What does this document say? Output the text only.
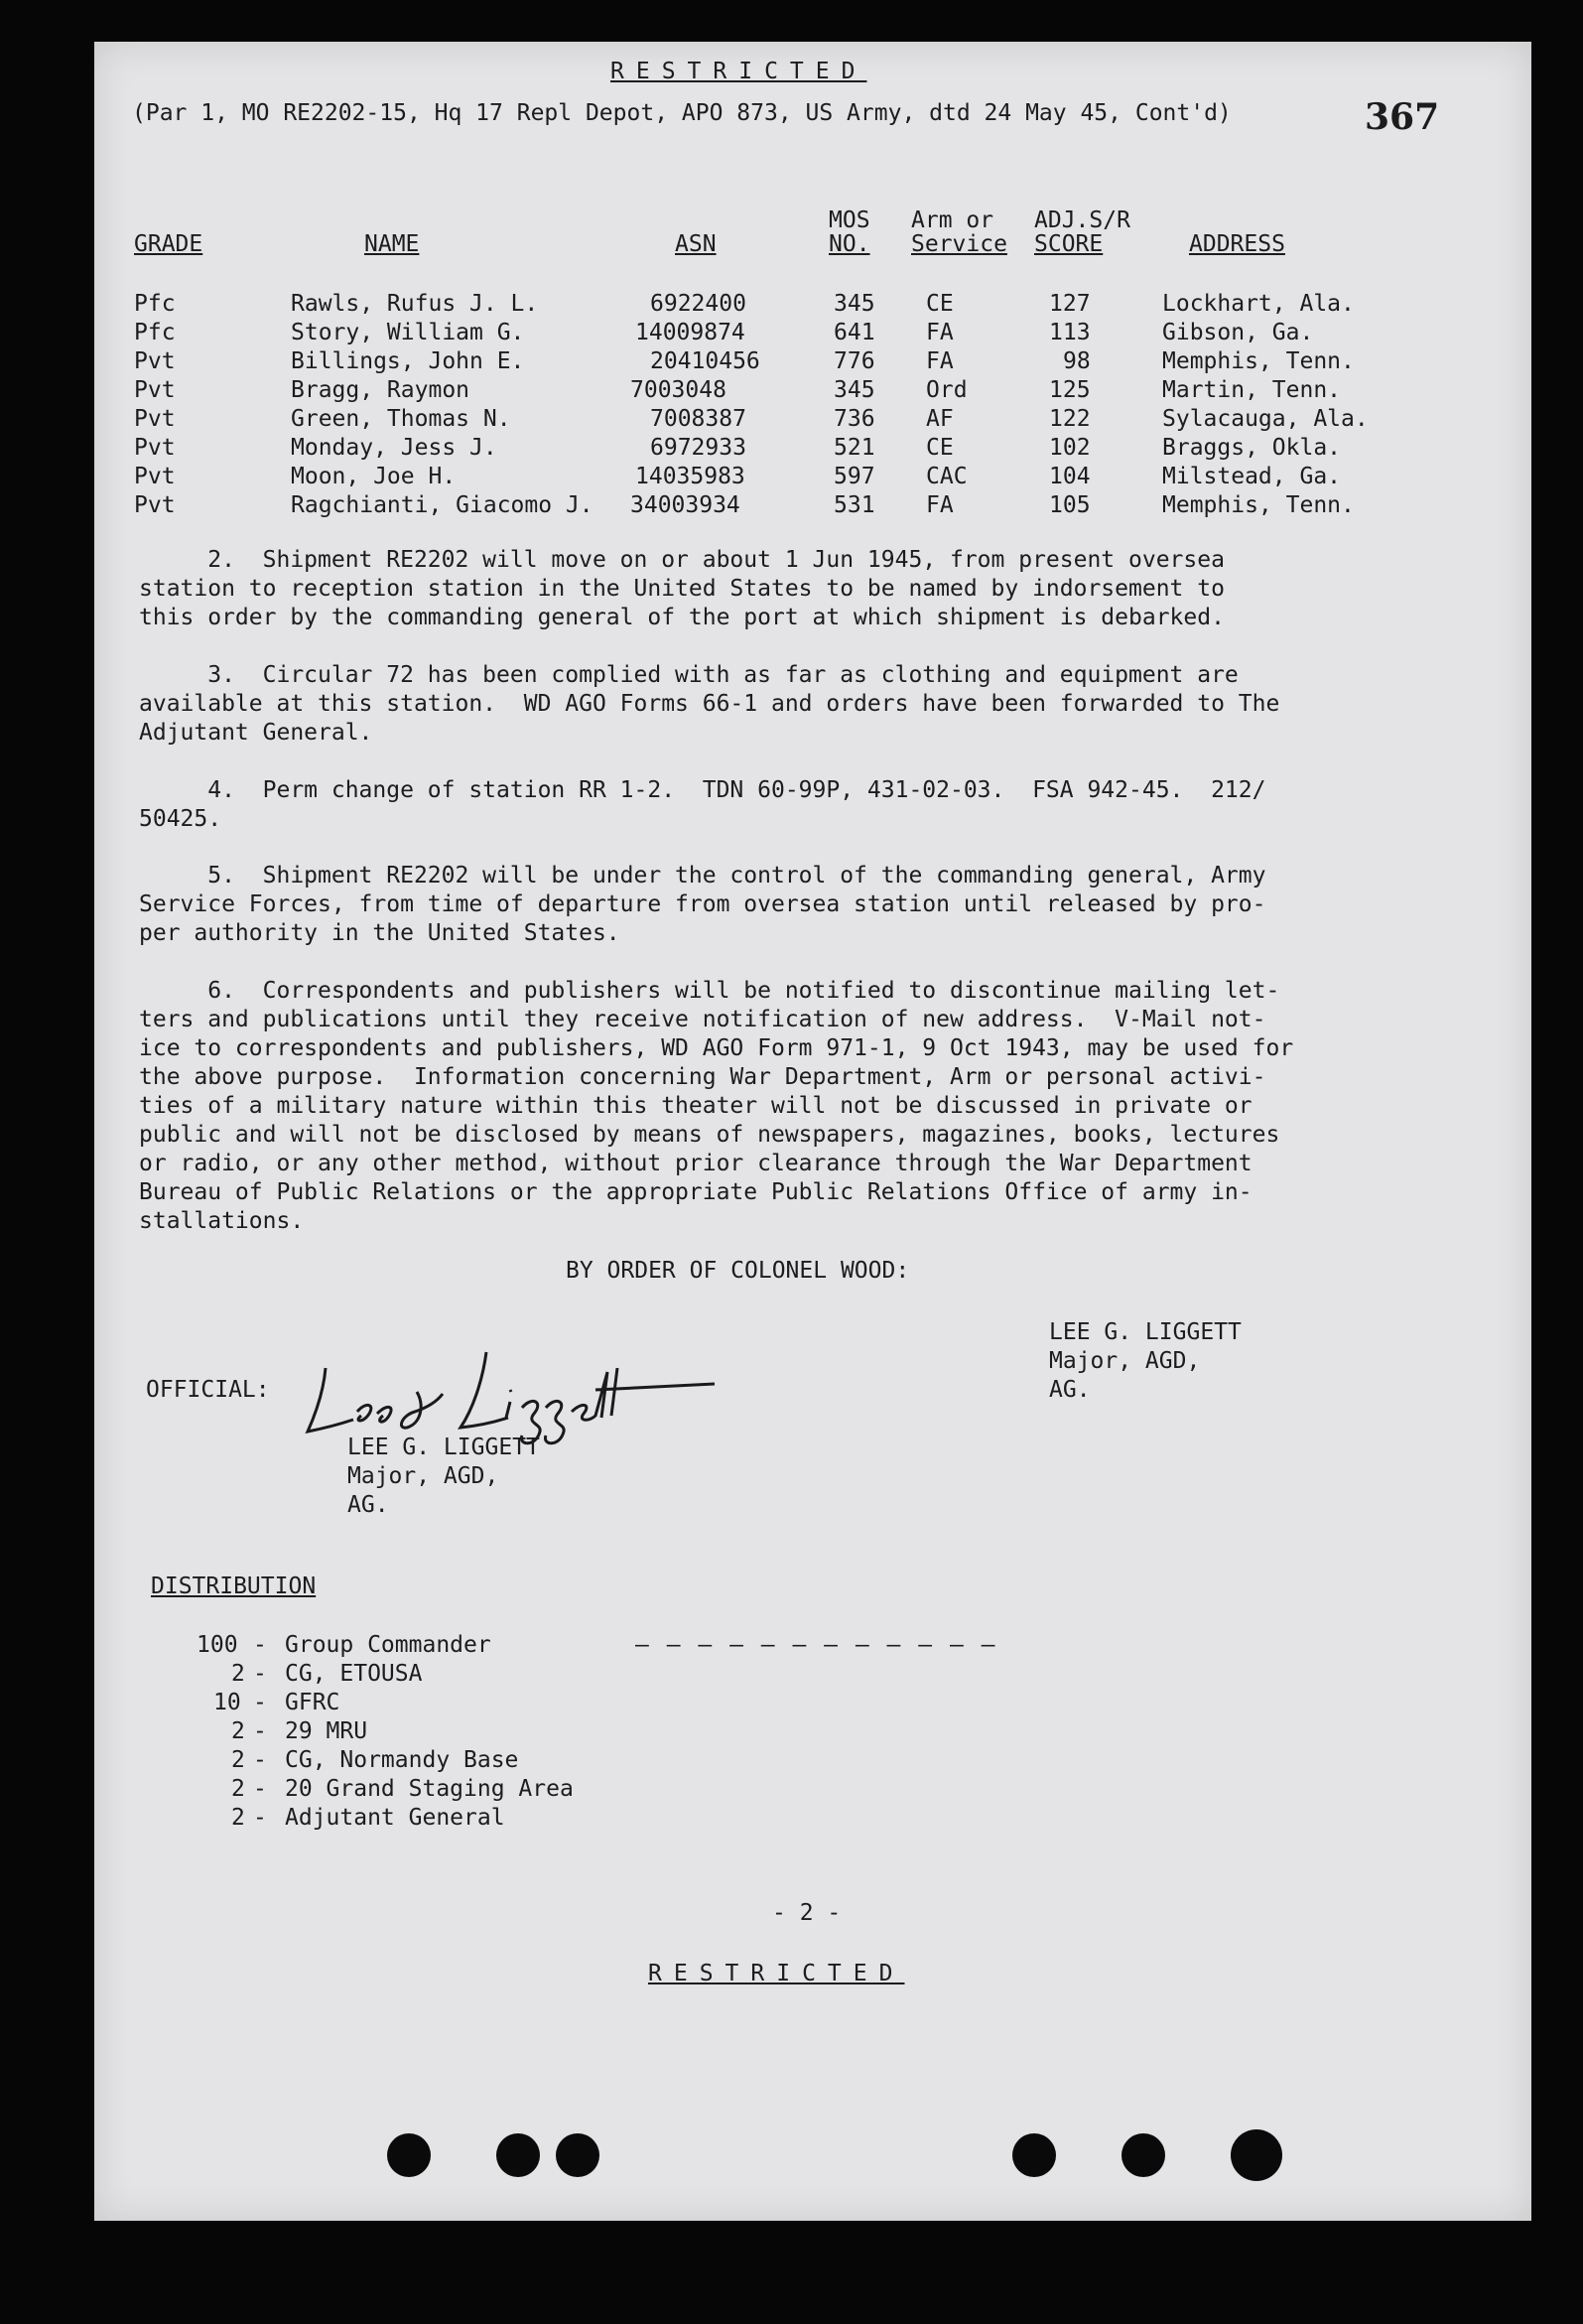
RESTRICTED
(Par 1, MO RE2202-15, Hq 17 Repl Depot, APO 873, US Army, dtd 24 May 45, Cont'd)	367
MOS Arm or ADJ.S/R
GRADE	NAME	ASN	NO. Service SCORE	ADDRESS
Pfc	Rawls, Rufus J. L.	6922400	345 CE	127	Lockhart, Ala.
Pfc	Story, William G.	14009874	641 FA	113	Gibson, Ga.
Pvt	Billings, John E.	20410456	776 FA	98	Memphis, Tenn.
Pvt	Bragg, Raymon	7003048	345 Ord	125	Martin, Tenn.
Pvt	Green, Thomas N.	7008387	736 AF	122	Sylacauga, Ala.
Pvt	Monday, Jess J.	6972933	521 CE	102	Braggs, Okla.
Pvt	Moon, Joe H.	14035983	597 CAC	104	Milstead, Ga.
Pvt	Ragchianti, Giacomo J. 34003934	531 FA	105	Memphis, Tenn.
2.  Shipment RE2202 will move on or about 1 Jun 1945, from present oversea
station to reception station in the United States to be named by indorsement to
this order by the commanding general of the port at which shipment is debarked.
3.  Circular 72 has been complied with as far as clothing and equipment are
available at this station.  WD AGO Forms 66-1 and orders have been forwarded to The
Adjutant General.
4.  Perm change of station RR 1-2.  TDN 60-99P, 431-02-03.  FSA 942-45.  212/
50425.
5.  Shipment RE2202 will be under the control of the commanding general, Army
Service Forces, from time of departure from oversea station until released by pro-
per authority in the United States.
6.  Correspondents and publishers will be notified to discontinue mailing let-
ters and publications until they receive notification of new address.  V-Mail not-
ice to correspondents and publishers, WD AGO Form 971-1, 9 Oct 1943, may be used for
the above purpose.  Information concerning War Department, Arm or personal activi-
ties of a military nature within this theater will not be discussed in private or
public and will not be disclosed by means of newspapers, magazines, books, lectures
or radio, or any other method, without prior clearance through the War Department
Bureau of Public Relations or the appropriate Public Relations Office of army in-
stallations.
BY ORDER OF COLONEL WOOD:
LEE G. LIGGETT
Major, AGD,
AG.
OFFICIAL:
LEE G. LIGGETT
Major, AGD,
AG.
DISTRIBUTION
– – – – – – – – – – – –
100 - Group Commander
2 - CG, ETOUSA
10 - GFRC
2 - 29 MRU
2 - CG, Normandy Base
2 - 20 Grand Staging Area
2 - Adjutant General
- 2 -
RESTRICTED
